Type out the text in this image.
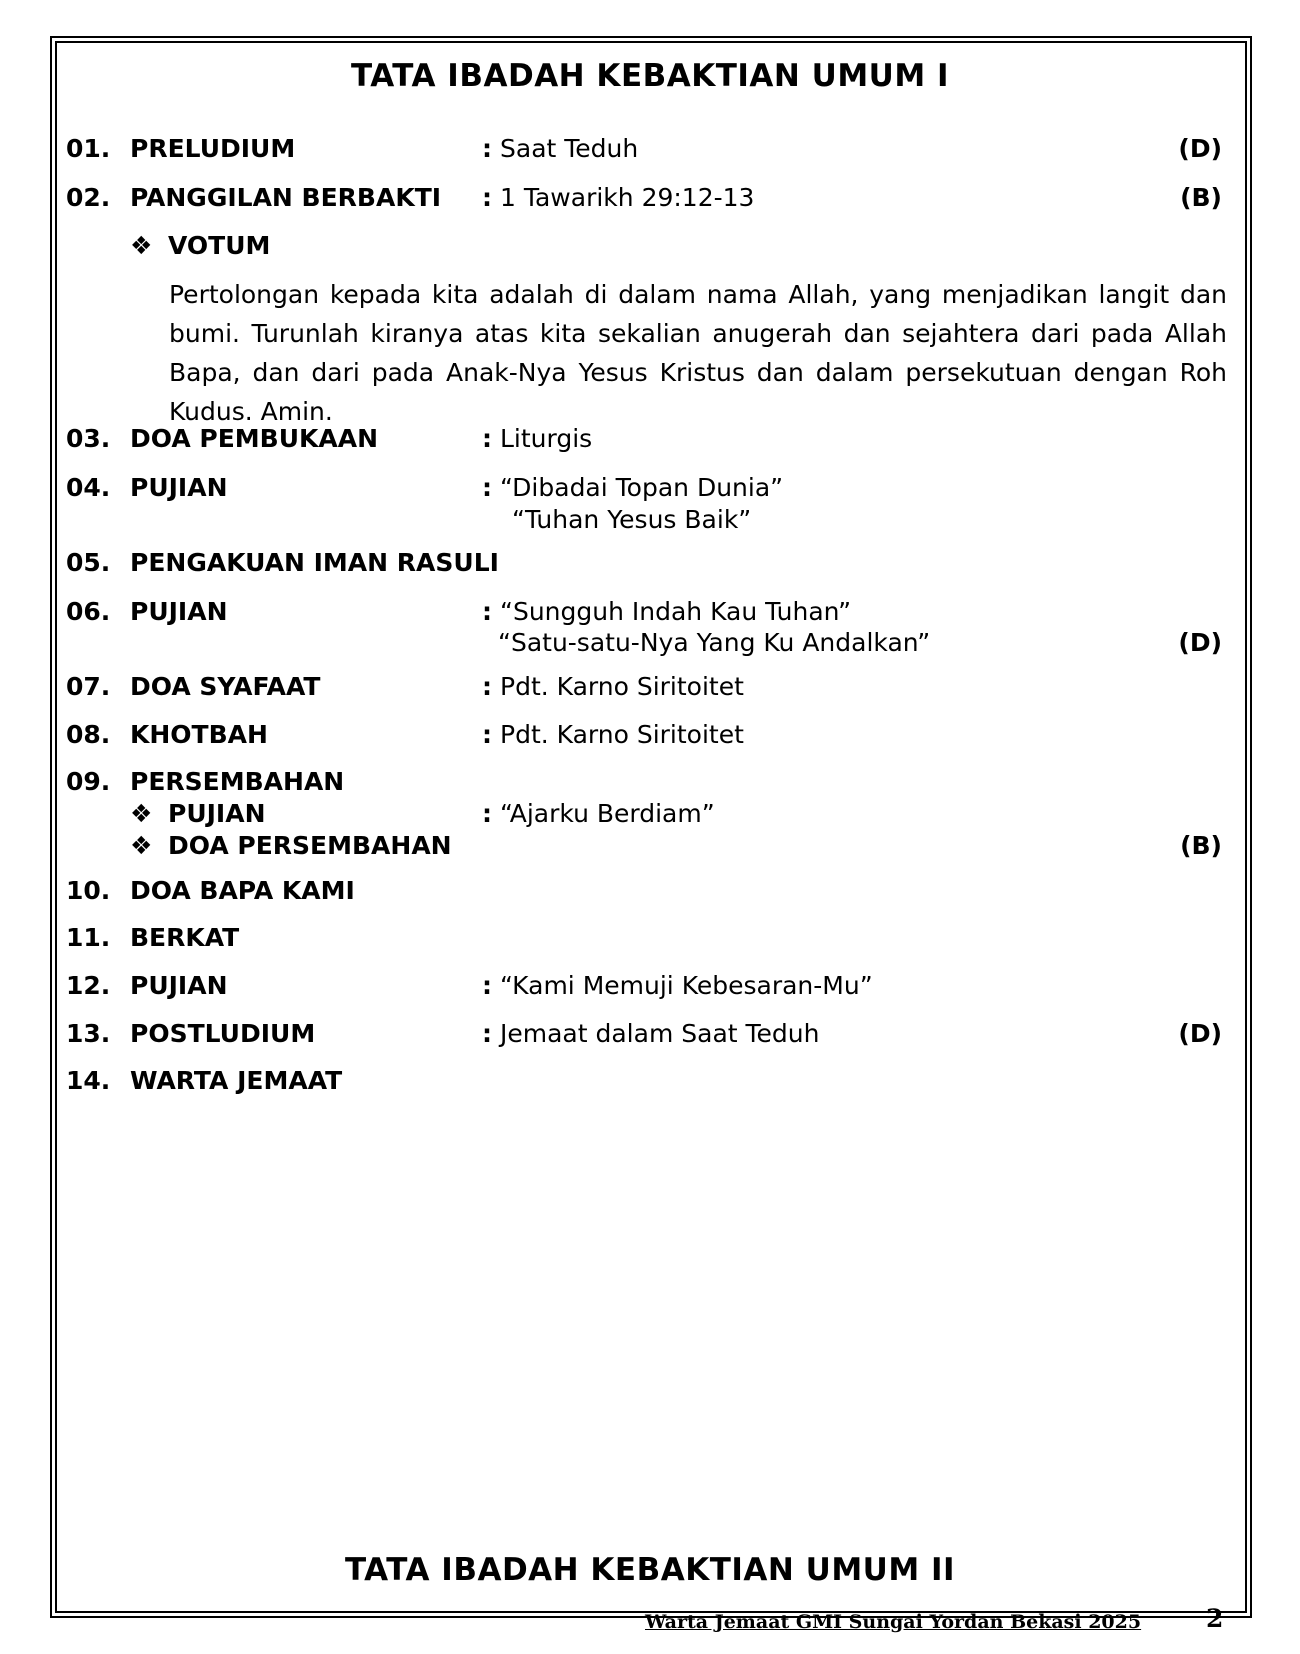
TATA IBADAH KEBAKTIAN UMUM I
01. PRELUDIUM	: Saat Teduh	(D)
02. PANGGILAN BERBAKTI : 1 Tawarikh 29:12-13	(B)
❖ VOTUM
Pertolongan kepada kita adalah di dalam nama Allah, yang menjadikan langit dan bumi. Turunlah kiranya atas kita sekalian anugerah dan sejahtera dari pada Allah Bapa, dan dari pada Anak-Nya Yesus Kristus dan dalam persekutuan dengan Roh Kudus. Amin.
03. DOA PEMBUKAAN	: Liturgis
04. PUJIAN	: “Dibadai Topan Dunia”
“Tuhan Yesus Baik”
05. PENGAKUAN IMAN RASULI
06. PUJIAN	: “Sungguh Indah Kau Tuhan”
“Satu-satu-Nya Yang Ku Andalkan”	(D)
07. DOA SYAFAAT	: Pdt. Karno Siritoitet
08. KHOTBAH	: Pdt. Karno Siritoitet
09. PERSEMBAHAN
❖ PUJIAN	: “Ajarku Berdiam”
❖ DOA PERSEMBAHAN	(B)
10. DOA BAPA KAMI
11. BERKAT
12. PUJIAN	: “Kami Memuji Kebesaran-Mu”
13. POSTLUDIUM	: Jemaat dalam Saat Teduh	(D)
14. WARTA JEMAAT
TATA IBADAH KEBAKTIAN UMUM II
Warta Jemaat GMI Sungai Yordan Bekasi 2025	2
